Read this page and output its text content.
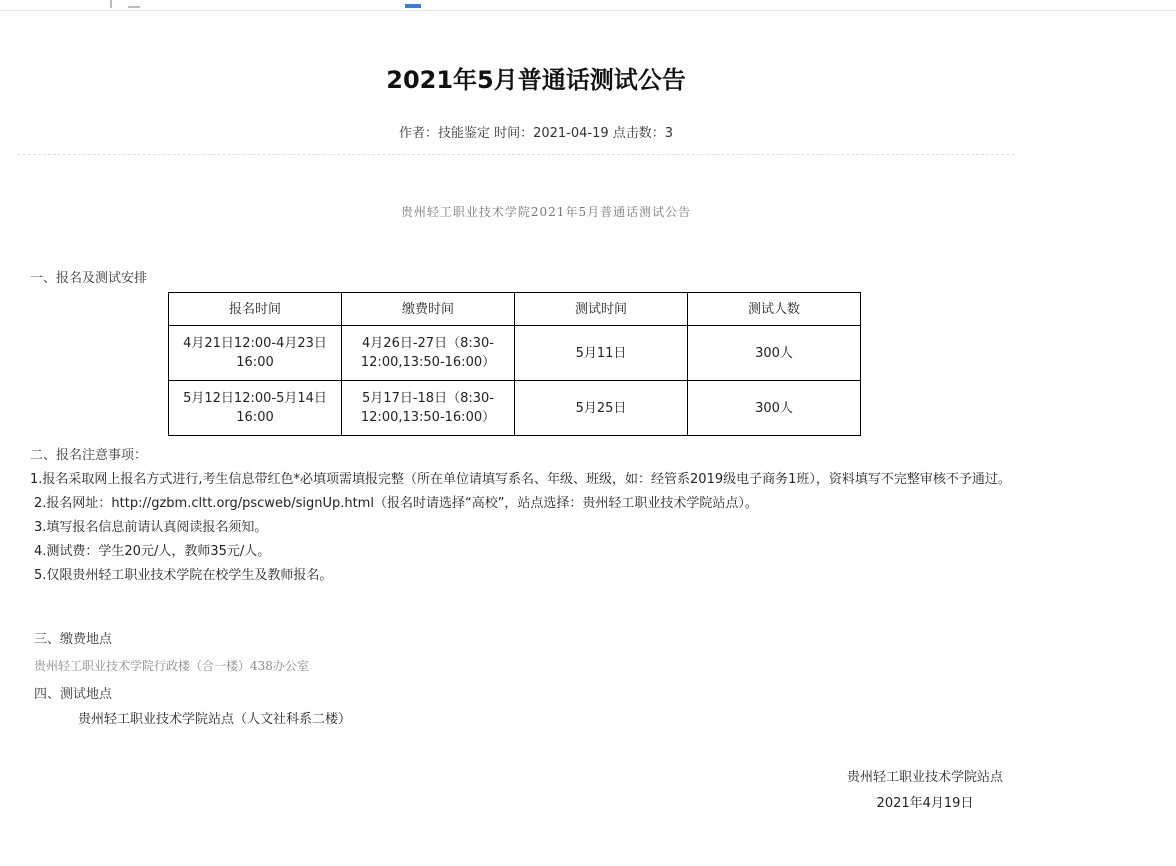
2021年5月普通话测试公告
作者：技能鉴定 时间：2021-04-19 点击数：3
贵州轻工职业技术学院2021年5月普通话测试公告
一、报名及测试安排
报名时间	缴费时间	测试时间	测试人数
4月21日12:00-4月23日16:00	4月26日-27日（8:30-12:00,13:50-16:00）	5月11日	300人
5月12日12:00-5月14日16:00	5月17日-18日（8:30-12:00,13:50-16:00）	5月25日	300人
二、报名注意事项：
1.报名采取网上报名方式进行,考生信息带红色*必填项需填报完整（所在单位请填写系名、年级、班级，如：经管系2019级电子商务1班），资料填写不完整审核不予通过。
2.报名网址：http://gzbm.cltt.org/pscweb/signUp.html（报名时请选择“高校”，站点选择：贵州轻工职业技术学院站点）。
3.填写报名信息前请认真阅读报名须知。
4.测试费：学生20元/人，教师35元/人。
5.仅限贵州轻工职业技术学院在校学生及教师报名。
三、缴费地点
贵州轻工职业技术学院行政楼（合一楼）438办公室
四、测试地点
贵州轻工职业技术学院站点（人文社科系二楼）
贵州轻工职业技术学院站点
2021年4月19日
